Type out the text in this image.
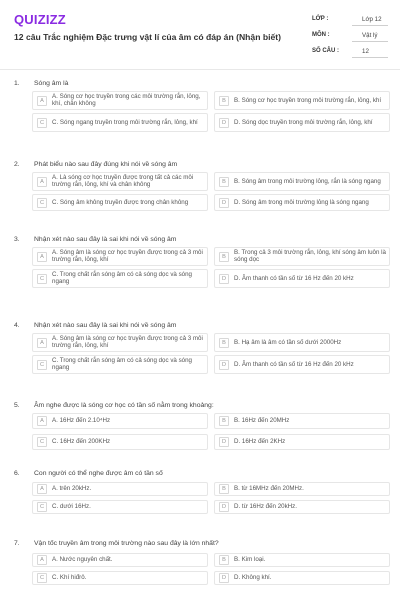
QUIZIZZ
12 câu Trắc nghiệm Đặc trưng vật lí của âm có đáp án (Nhận biết)
LỚP :	Lớp 12
MÔN :	Vật lý
SỐ CÂU :	12
1. Sóng âm là
A
A. Sóng cơ học truyền trong các môi trường rắn, lỏng, khí, chân không	B	B. Sóng cơ học truyền trong môi trường rắn, lỏng, khí
C	C. Sóng ngang truyền trong môi trường rắn, lỏng, khí	D	D. Sóng dọc truyền trong môi trường rắn, lỏng, khí
2. Phát biểu nào sau đây đúng khi nói về sóng âm
A
A. Là sóng cơ học truyền được trong tất cả các môi trường rắn, lỏng, khí và chân không	B	B. Sóng âm trong môi trường lỏng, rắn là sóng ngang
C	C. Sóng âm không truyền được trong chân không	D	D. Sóng âm trong môi trường lỏng là sóng ngang
3. Nhận xét nào sau đây là sai khi nói về sóng âm
A
A. Sóng âm là sóng cơ học truyền được trong cả 3 môi trường rắn, lỏng, khí	B
B. Trong cả 3 môi trường rắn, lỏng, khí sóng âm luôn là sóng dọc
C
C. Trong chất rắn sóng âm có cả sóng dọc và sóng ngang	D	D. Âm thanh có tần số từ 16 Hz đến 20 kHz
4. Nhận xét nào sau đây là sai khi nói về sóng âm
A
A. Sóng âm là sóng cơ học truyền được trong cả 3 môi trường rắn, lỏng, khí	B	B. Hạ âm là âm có tần số dưới 2000Hz
C
C. Trong chất rắn sóng âm có cả sóng dọc và sóng ngang	D	D. Âm thanh có tần số từ 16 Hz đến 20 kHz
5. Âm nghe được là sóng cơ học có tần số nằm trong khoảng:
A	A. 16Hz đến 2.10⁴Hz	B	B. 16Hz đến 20MHz
C	C. 16Hz đến 200KHz	D	D. 16Hz đến 2KHz
6. Con người có thể nghe được âm có tần số
A	A. trên 20kHz.	B	B. từ 16MHz đến 20MHz.
C	C. dưới 16Hz.	D	D. từ 16Hz đến 20kHz.
7. Vận tốc truyền âm trong môi trường nào sau đây là lớn nhất?
A	A. Nước nguyên chất.	B	B. Kim loại.
C	C. Khí hiđrô.	D	D. Không khí.
